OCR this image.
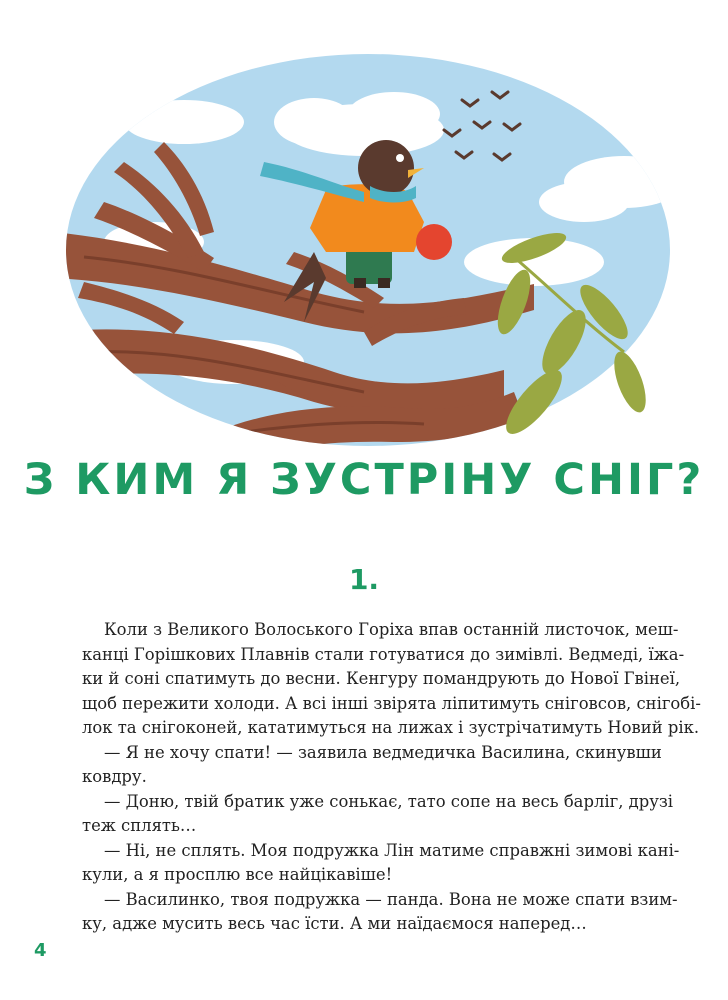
З КИМ Я ЗУСТРІНУ СНІГ?
1.
Коли з Великого Волоського Горіха впав останній листочок, меш-
канці Горішкових Плавнів стали готуватися до зимівлі. Ведмеді, їжа-
ки й соні спатимуть до весни. Кенгуру помандрують до Нової Гвінеї,
щоб пережити холоди. А всі інші звірята ліпитимуть сніговсов, снігобі-
лок та снігоконей, кататимуться на лижах і зустрічатимуть Новий рік.
— Я не хочу спати! — заявила ведмедичка Василина, скинувши
ковдру.
— Доню, твій братик уже сонькає, тато сопе на весь барліг, друзі
теж сплять…
— Ні, не сплять. Моя подружка Лін матиме справжні зимові кані-
кули, а я просплю все найцікавіше!
— Василинко, твоя подружка — панда. Вона не може спати взим-
ку, адже мусить весь час їсти. А ми наїдаємося наперед…
4
